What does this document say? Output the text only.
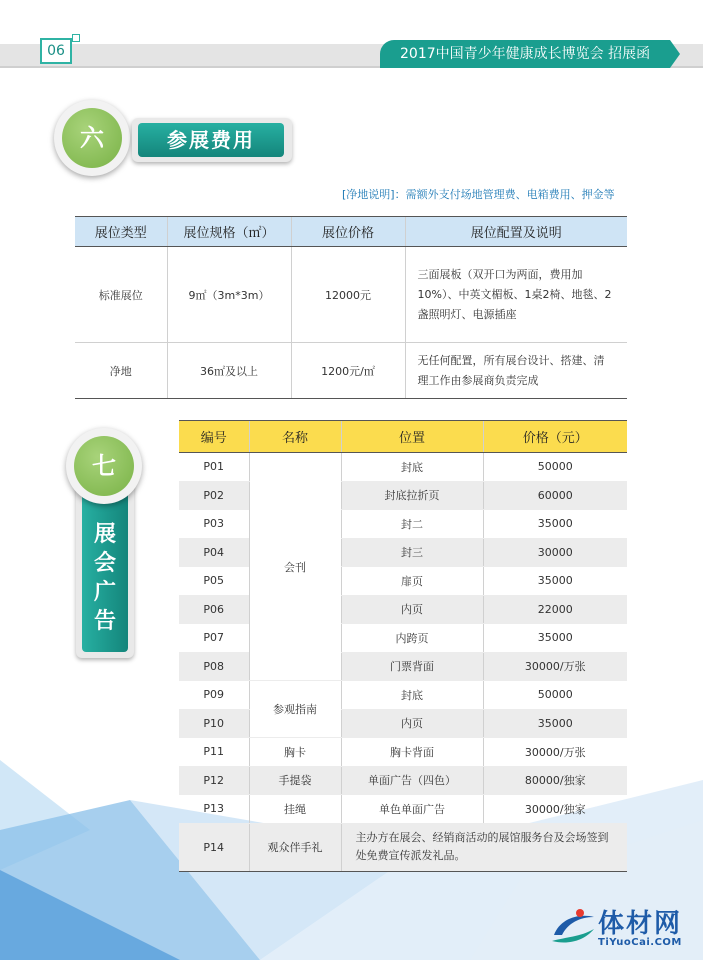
06	2017中国青少年健康成长博览会 招展函
六	参展费用
[净地说明]：需额外支付场地管理费、电箱费用、押金等
展位类型	展位规格（㎡）	展位价格	展位配置及说明
标准展位	9㎡（3m*3m）	12000元	三面展板（双开口为两面，费用加10%）、中英文楣板、1桌2椅、地毯、2盏照明灯、电源插座
净地	36㎡及以上	1200元/㎡	无任何配置，所有展台设计、搭建、清理工作由参展商负责完成
展
会
广
告
七
编号	名称	位置	价格（元）
P01	会刊	封底	50000
P02		封底拉折页	60000
P03		封二	35000
P04		封三	30000
P05		扉页	35000
P06		内页	22000
P07		内跨页	35000
P08		门票背面	30000/万张
P09	参观指南	封底	50000
P10		内页	35000
P11	胸卡	胸卡背面	30000/万张
P12	手提袋	单面广告（四色）	80000/独家
P13	挂绳	单色单面广告	30000/独家
P14	观众伴手礼	主办方在展会、经销商活动的展馆服务台及会场签到处免费宣传派发礼品。	
体材网
TiYuoCai.COM
